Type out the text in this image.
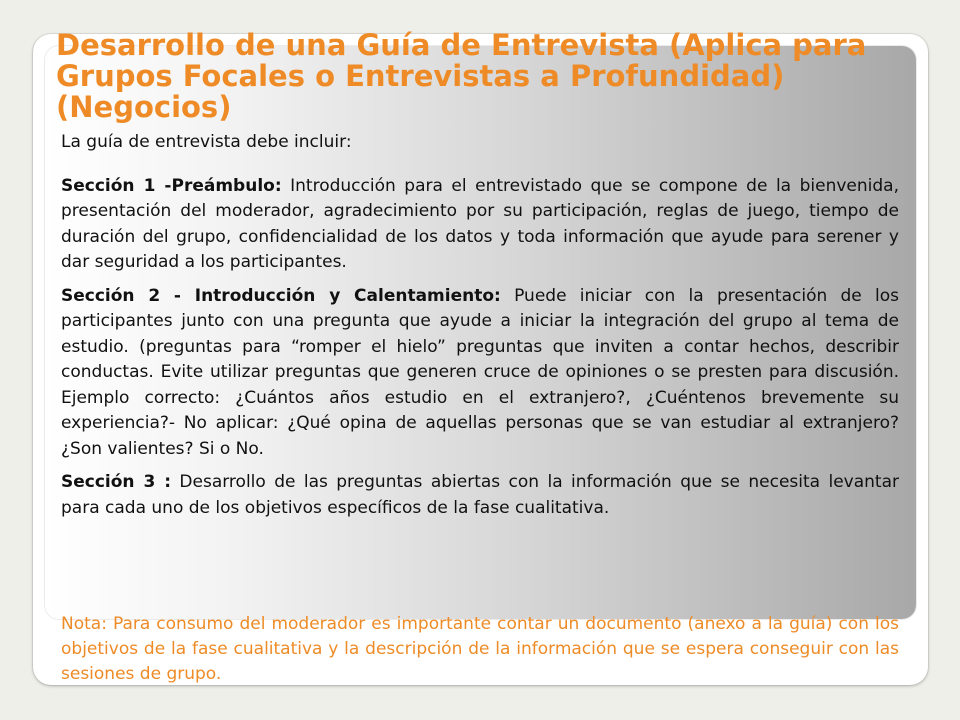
Desarrollo de una Guía de Entrevista (Aplica para Grupos Focales o Entrevistas a Profundidad) (Negocios)

La guía de entrevista debe incluir:

Sección 1 -Preámbulo: Introducción para el entrevistado que se compone de la bienvenida, presentación del moderador, agradecimiento por su participación, reglas de juego, tiempo de duración del grupo, confidencialidad de los datos y toda información que ayude para serener y dar seguridad a los participantes.

Sección 2 - Introducción y Calentamiento: Puede iniciar con la presentación de los participantes junto con una pregunta que ayude a iniciar la integración del grupo al tema de estudio. (preguntas para “romper el hielo” preguntas que inviten a contar hechos, describir conductas. Evite utilizar preguntas que generen cruce de opiniones o se presten para discusión. Ejemplo correcto: ¿Cuántos años estudio en el extranjero?, ¿Cuéntenos brevemente su experiencia?- No aplicar: ¿Qué opina de aquellas personas que se van estudiar al extranjero? ¿Son valientes? Si o No.

Sección 3 : Desarrollo de las preguntas abiertas con la información que se necesita levantar para cada uno de los objetivos específicos de la fase cualitativa.

Nota: Para consumo del moderador es importante contar un documento (anexo a la guía) con los objetivos de la fase cualitativa y la descripción de la información que se espera conseguir con las sesiones de grupo.
